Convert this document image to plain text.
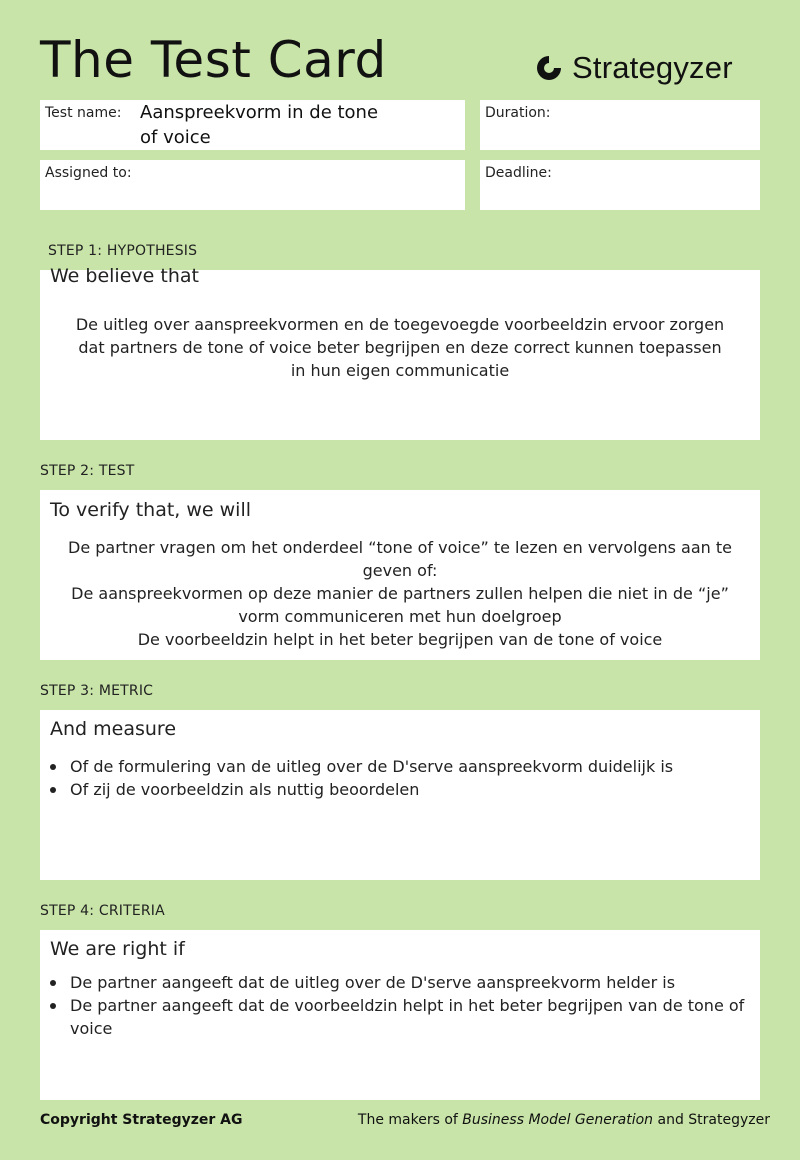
The Test Card	Strategyzer
Test name: Aanspreekvorm in de tone of voice
Duration:
Assigned to:	Deadline:
STEP 1: HYPOTHESIS
We believe that
De uitleg over aanspreekvormen en de toegevoegde voorbeeldzin ervoor zorgen
dat partners de tone of voice beter begrijpen en deze correct kunnen toepassen
in hun eigen communicatie
STEP 2: TEST
To verify that, we will
De partner vragen om het onderdeel “tone of voice” te lezen en vervolgens aan te
geven of:
De aanspreekvormen op deze manier de partners zullen helpen die niet in de “je”
vorm communiceren met hun doelgroep
De voorbeeldzin helpt in het beter begrijpen van de tone of voice
STEP 3: METRIC
And measure
Of de formulering van de uitleg over de D'serve aanspreekvorm duidelijk is
Of zij de voorbeeldzin als nuttig beoordelen
STEP 4: CRITERIA
We are right if
De partner aangeeft dat de uitleg over de D'serve aanspreekvorm helder is
De partner aangeeft dat de voorbeeldzin helpt in het beter begrijpen van de tone of voice
Copyright Strategyzer AG	The makers of Business Model Generation and Strategyzer
